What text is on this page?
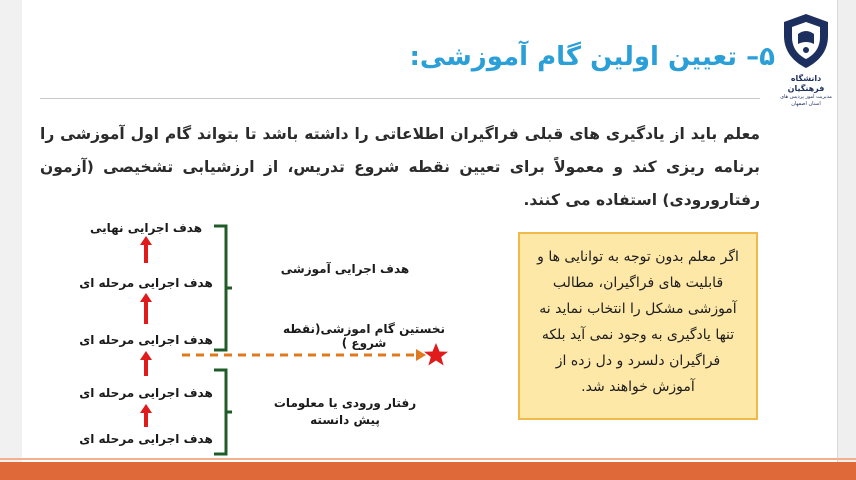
دانشگاه فرهنگیان
مدیریت امور پردیس های استان اصفهان
۵– تعیین اولین گام آموزشی:
معلم باید از یادگیری های قبلی فراگیران اطلاعاتی را داشته باشد تا بتواند گام اول آموزشی را برنامه ریزی کند و معمولاً برای تعیین نقطه شروع تدریس، از ارزشیابی تشخیصی (آزمون رفتارورودی) استفاده می کنند.
هدف اجرایی نهایی
هدف اجرایی مرحله ای
هدف اجرایی مرحله ای
هدف اجرایی مرحله ای
هدف اجرایی مرحله ای
هدف اجرایی آموزشی
نخستین گام اموزشی(نقطه شروع )
رفتار ورودی یا معلومات
پیش دانسته
اگر معلم بدون توجه به توانایی ها و قابلیت های فراگیران، مطالب آموزشی مشکل را انتخاب نماید نه تنها یادگیری به وجود نمی آید بلکه فراگیران دلسرد و دل زده از آموزش خواهند شد.
